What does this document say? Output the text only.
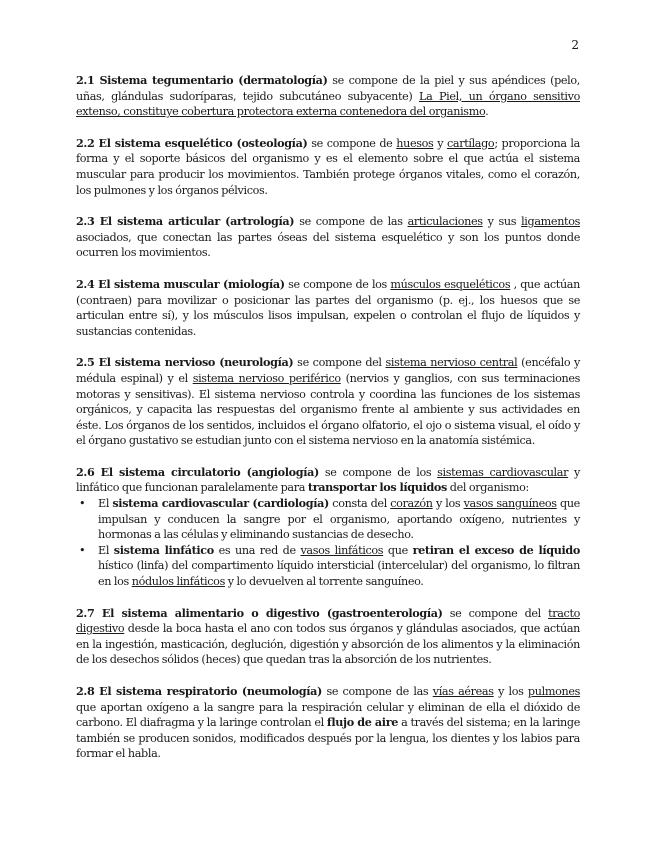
2

2.1 Sistema tegumentario (dermatología) se compone de la piel y sus apéndices (pelo, uñas, glándulas sudoríparas, tejido subcutáneo subyacente) La Piel, un órgano sensitivo extenso, constituye cobertura protectora externa contenedora del organismo.

2.2 El sistema esquelético (osteología) se compone de huesos y cartílago; proporciona la forma y el soporte básicos del organismo y es el elemento sobre el que actúa el sistema muscular para producir los movimientos. También protege órganos vitales, como el corazón, los pulmones y los órganos pélvicos.

2.3 El sistema articular (artrología) se compone de las articulaciones y sus ligamentos asociados, que conectan las partes óseas del sistema esquelético y son los puntos donde ocurren los movimientos.

2.4 El sistema muscular (miología) se compone de los músculos esqueléticos , que actúan (contraen) para movilizar o posicionar las partes del organismo (p. ej., los huesos que se articulan entre sí), y los músculos lisos impulsan, expelen o controlan el flujo de líquidos y sustancias contenidas.

2.5 El sistema nervioso (neurología) se compone del sistema nervioso central (encéfalo y médula espinal) y el sistema nervioso periférico (nervios y ganglios, con sus terminaciones motoras y sensitivas). El sistema nervioso controla y coordina las funciones de los sistemas orgánicos, y capacita las respuestas del organismo frente al ambiente y sus actividades en éste. Los órganos de los sentidos, incluidos el órgano olfatorio, el ojo o sistema visual, el oído y el órgano gustativo se estudian junto con el sistema nervioso en la anatomía sistémica.

2.6 El sistema circulatorio (angiología) se compone de los sistemas cardiovascular y linfático que funcionan paralelamente para transportar los líquidos del organismo:
• El sistema cardiovascular (cardiología) consta del corazón y los vasos sanguíneos que impulsan y conducen la sangre por el organismo, aportando oxígeno, nutrientes y hormonas a las células y eliminando sustancias de desecho.
• El sistema linfático es una red de vasos linfáticos que retiran el exceso de líquido hístico (linfa) del compartimento líquido intersticial (intercelular) del organismo, lo filtran en los nódulos linfáticos y lo devuelven al torrente sanguíneo.

2.7 El sistema alimentario o digestivo (gastroenterología) se compone del tracto digestivo desde la boca hasta el ano con todos sus órganos y glándulas asociados, que actúan en la ingestión, masticación, deglución, digestión y absorción de los alimentos y la eliminación de los desechos sólidos (heces) que quedan tras la absorción de los nutrientes.

2.8 El sistema respiratorio (neumología) se compone de las vías aéreas y los pulmones que aportan oxígeno a la sangre para la respiración celular y eliminan de ella el dióxido de carbono. El diafragma y la laringe controlan el flujo de aire a través del sistema; en la laringe también se producen sonidos, modificados después por la lengua, los dientes y los labios para formar el habla.
